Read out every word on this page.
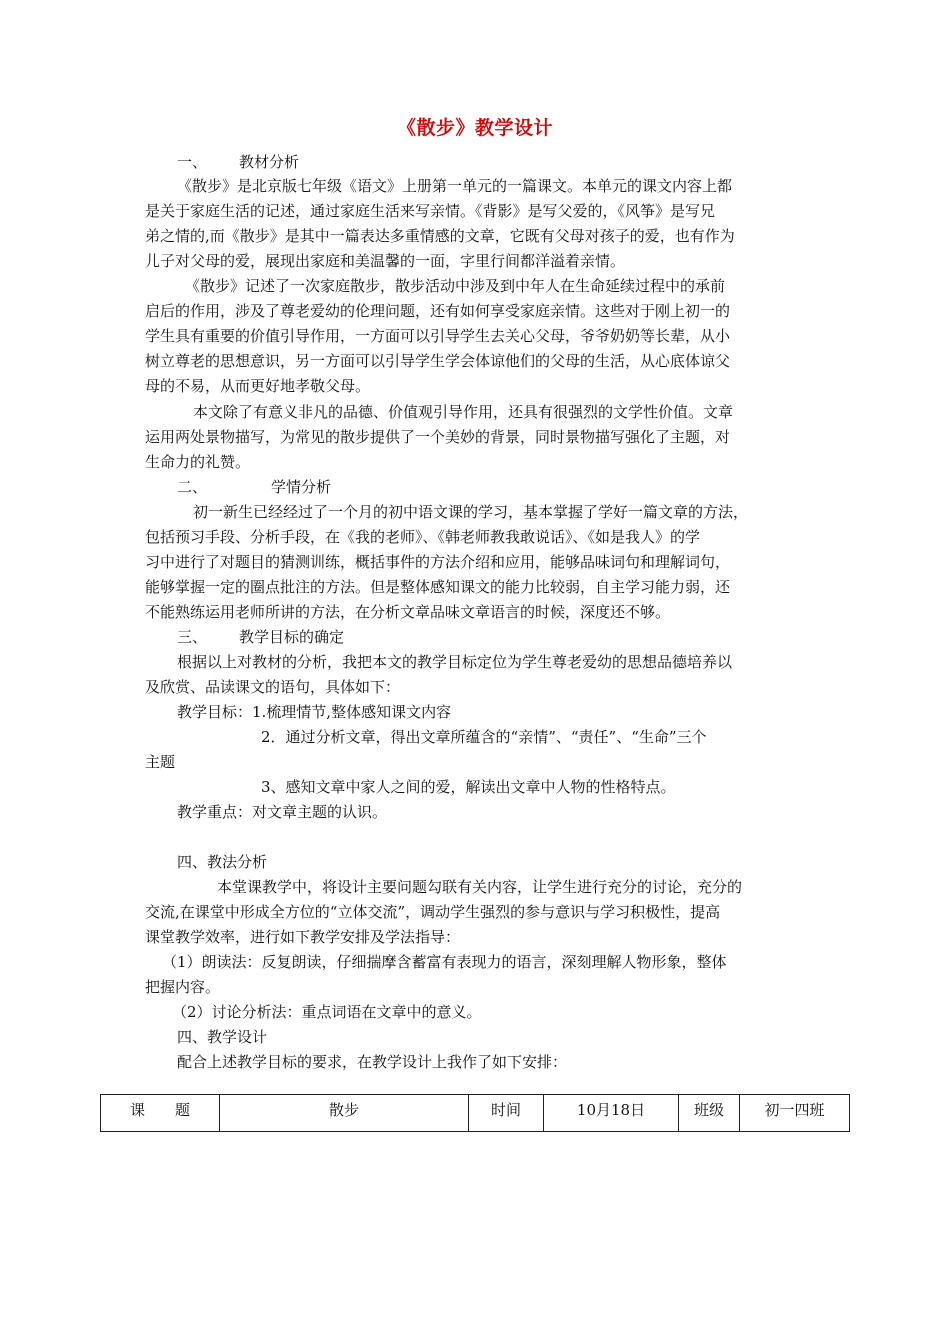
《散步》教学设计
一、 教材分析
《散步》是北京版七年级《语文》上册第一单元的一篇课文。本单元的课文内容上都
是关于家庭生活的记述，通过家庭生活来写亲情。《背影》是写父爱的，《风筝》是写兄
弟之情的,而《散步》是其中一篇表达多重情感的文章，它既有父母对孩子的爱，也有作为
儿子对父母的爱，展现出家庭和美温馨的一面，字里行间都洋溢着亲情。
《散步》记述了一次家庭散步，散步活动中涉及到中年人在生命延续过程中的承前
启后的作用，涉及了尊老爱幼的伦理问题，还有如何享受家庭亲情。这些对于刚上初一的
学生具有重要的价值引导作用，一方面可以引导学生去关心父母，爷爷奶奶等长辈，从小
树立尊老的思想意识，另一方面可以引导学生学会体谅他们的父母的生活，从心底体谅父
母的不易，从而更好地孝敬父母。
本文除了有意义非凡的品德、价值观引导作用，还具有很强烈的文学性价值。文章
运用两处景物描写，为常见的散步提供了一个美妙的背景，同时景物描写强化了主题，对
生命力的礼赞。
二、	学情分析
初一新生已经经过了一个月的初中语文课的学习，基本掌握了学好一篇文章的方法，
包括预习手段、分析手段，在《我的老师》、《韩老师教我敢说话》、《如是我人》的学
习中进行了对题目的猜测训练，概括事件的方法介绍和应用，能够品味词句和理解词句，
能够掌握一定的圈点批注的方法。但是整体感知课文的能力比较弱，自主学习能力弱，还
不能熟练运用老师所讲的方法，在分析文章品味文章语言的时候，深度还不够。
三、 教学目标的确定
根据以上对教材的分析，我把本文的教学目标定位为学生尊老爱幼的思想品德培养以
及欣赏、品读课文的语句，具体如下：
教学目标：1.梳理情节,整体感知课文内容
2．通过分析文章，得出文章所蕴含的“亲情”、“责任”、“生命”三个
主题
3、感知文章中家人之间的爱，解读出文章中人物的性格特点。
教学重点：对文章主题的认识。
四、教法分析
本堂课教学中，将设计主要问题勾联有关内容，让学生进行充分的讨论，充分的
交流,在课堂中形成全方位的“立体交流”，调动学生强烈的参与意识与学习积极性，提高
课堂教学效率，进行如下教学安排及学法指导：
（1）朗读法：反复朗读，仔细揣摩含蓄富有表现力的语言，深刻理解人物形象，整体
把握内容。
（2）讨论分析法：重点词语在文章中的意义。
四、教学设计
配合上述教学目标的要求，在教学设计上我作了如下安排：
课　　题	散步	时间	10月18日	班级	初一四班
